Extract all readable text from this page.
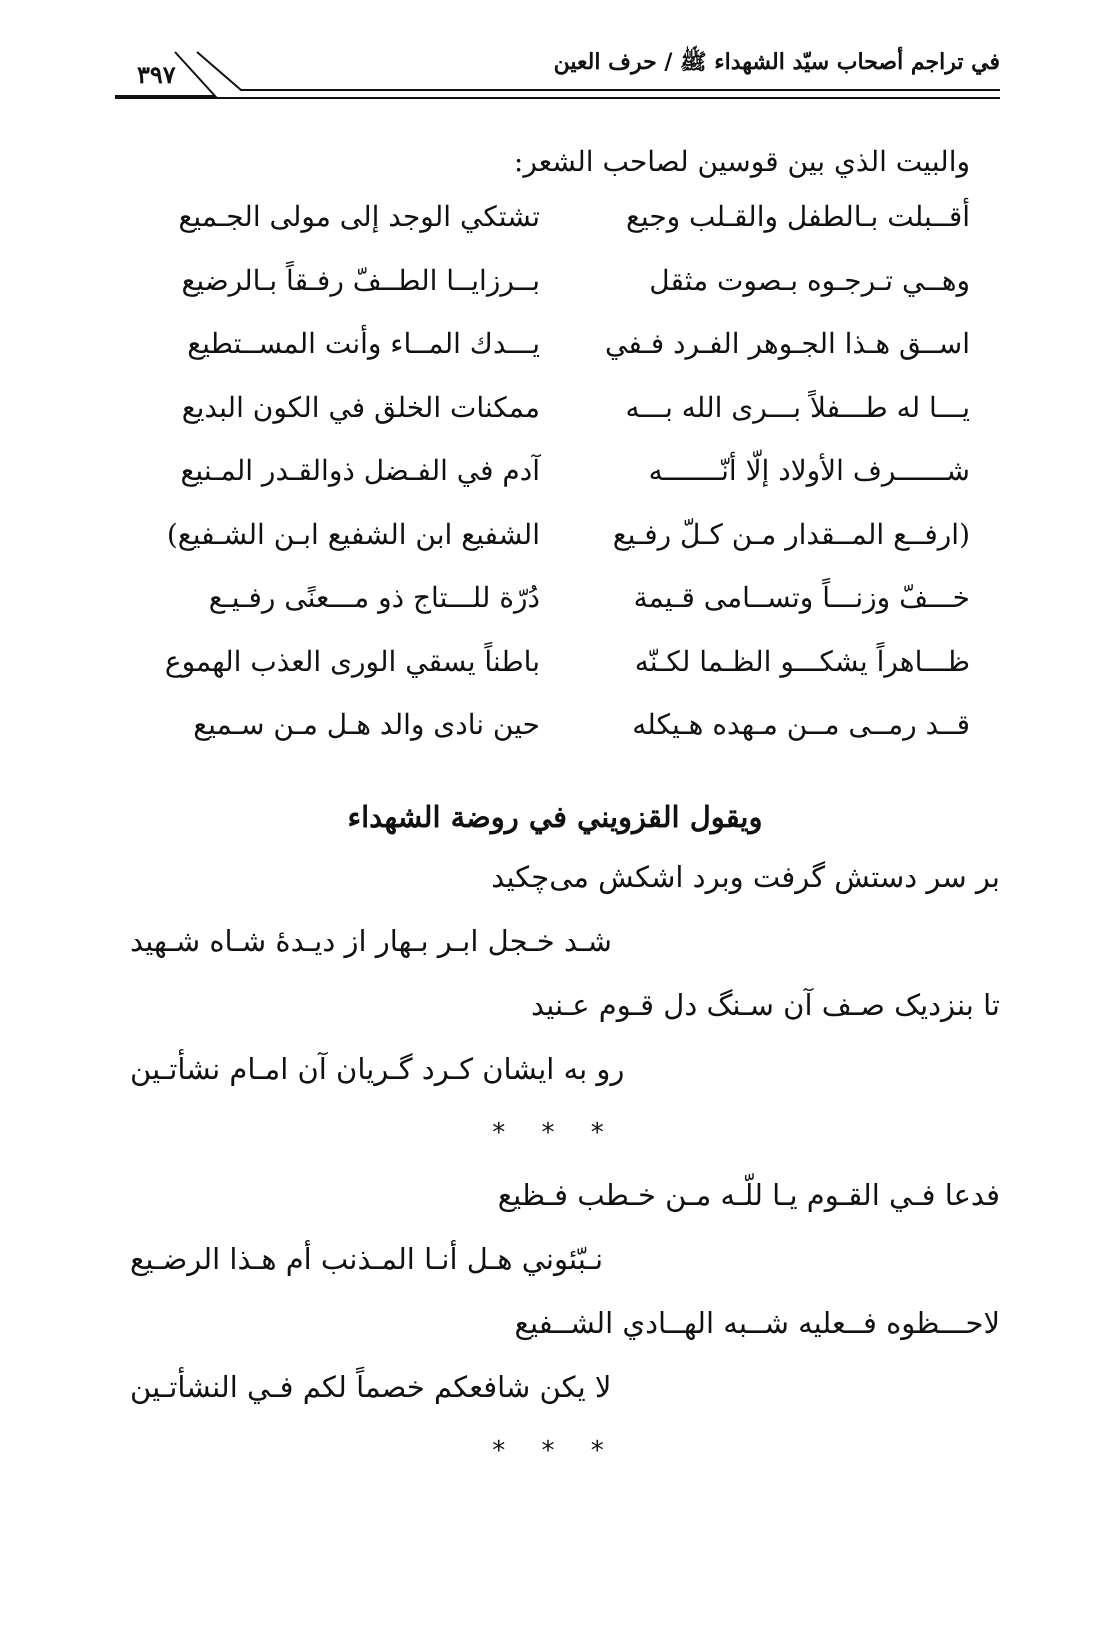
في تراجم أصحاب سيّد الشهداء ﷺ / حرف العين
٣٩٧
والبيت الذي بين قوسين لصاحب الشعر:
أقــبلت بـالطفل والقـلب وجيع
تشتكي الوجد إلى مولى الجـميع
وهــي تـرجـوه بـصوت مثقل
بــرزايــا الطــفّ رفـقاً بـالرضيع
اســق هـذا الجـوهر الفـرد فـفي
يـــدك المــاء وأنت المســتطيع
يـــا له طـــفلاً بـــرى الله بـــه
ممكنات الخلق في الكون البديع
شــــــرف الأولاد إلّا أنّـــــــه
آدم في الفـضل ذوالقـدر المـنيع
(ارفــع المــقدار مـن كـلّ رفـيع
الشفيع ابن الشفيع ابـن الشـفيع)
خـــفّ وزنـــاً وتســامى قـيمة
دُرّة للـــتاج ذو مـــعنًى رفـيـع
ظـــاهراً يشكـــو الظـما لكـنّه
باطناً يسقي الورى العذب الهموع
قــد رمــى مــن مـهده هـيكله
حين نادى والد هـل مـن سـميع
ويقول القزويني في روضة الشهداء
بر سر دستش گرفت وبرد اشكش مى‌چكيد
شـد خـجل ابـر بـهار از ديـدهٔ شـاه شـهيد
تا بنزديک صـف آن سـنگ دل قـوم عـنيد
رو به ايشان كـرد گـريان آن امـام نشأتـين
* * *
فدعا فـي القـوم يـا للّـه مـن خـطب فـظيع
نـبّئوني هـل أنـا المـذنب أم هـذا الرضـيع
لاحـــظوه فــعليه شــبه الهــادي الشــفيع
لا يكن شافعكم خصماً لكم فـي النشأتـين
* * *
